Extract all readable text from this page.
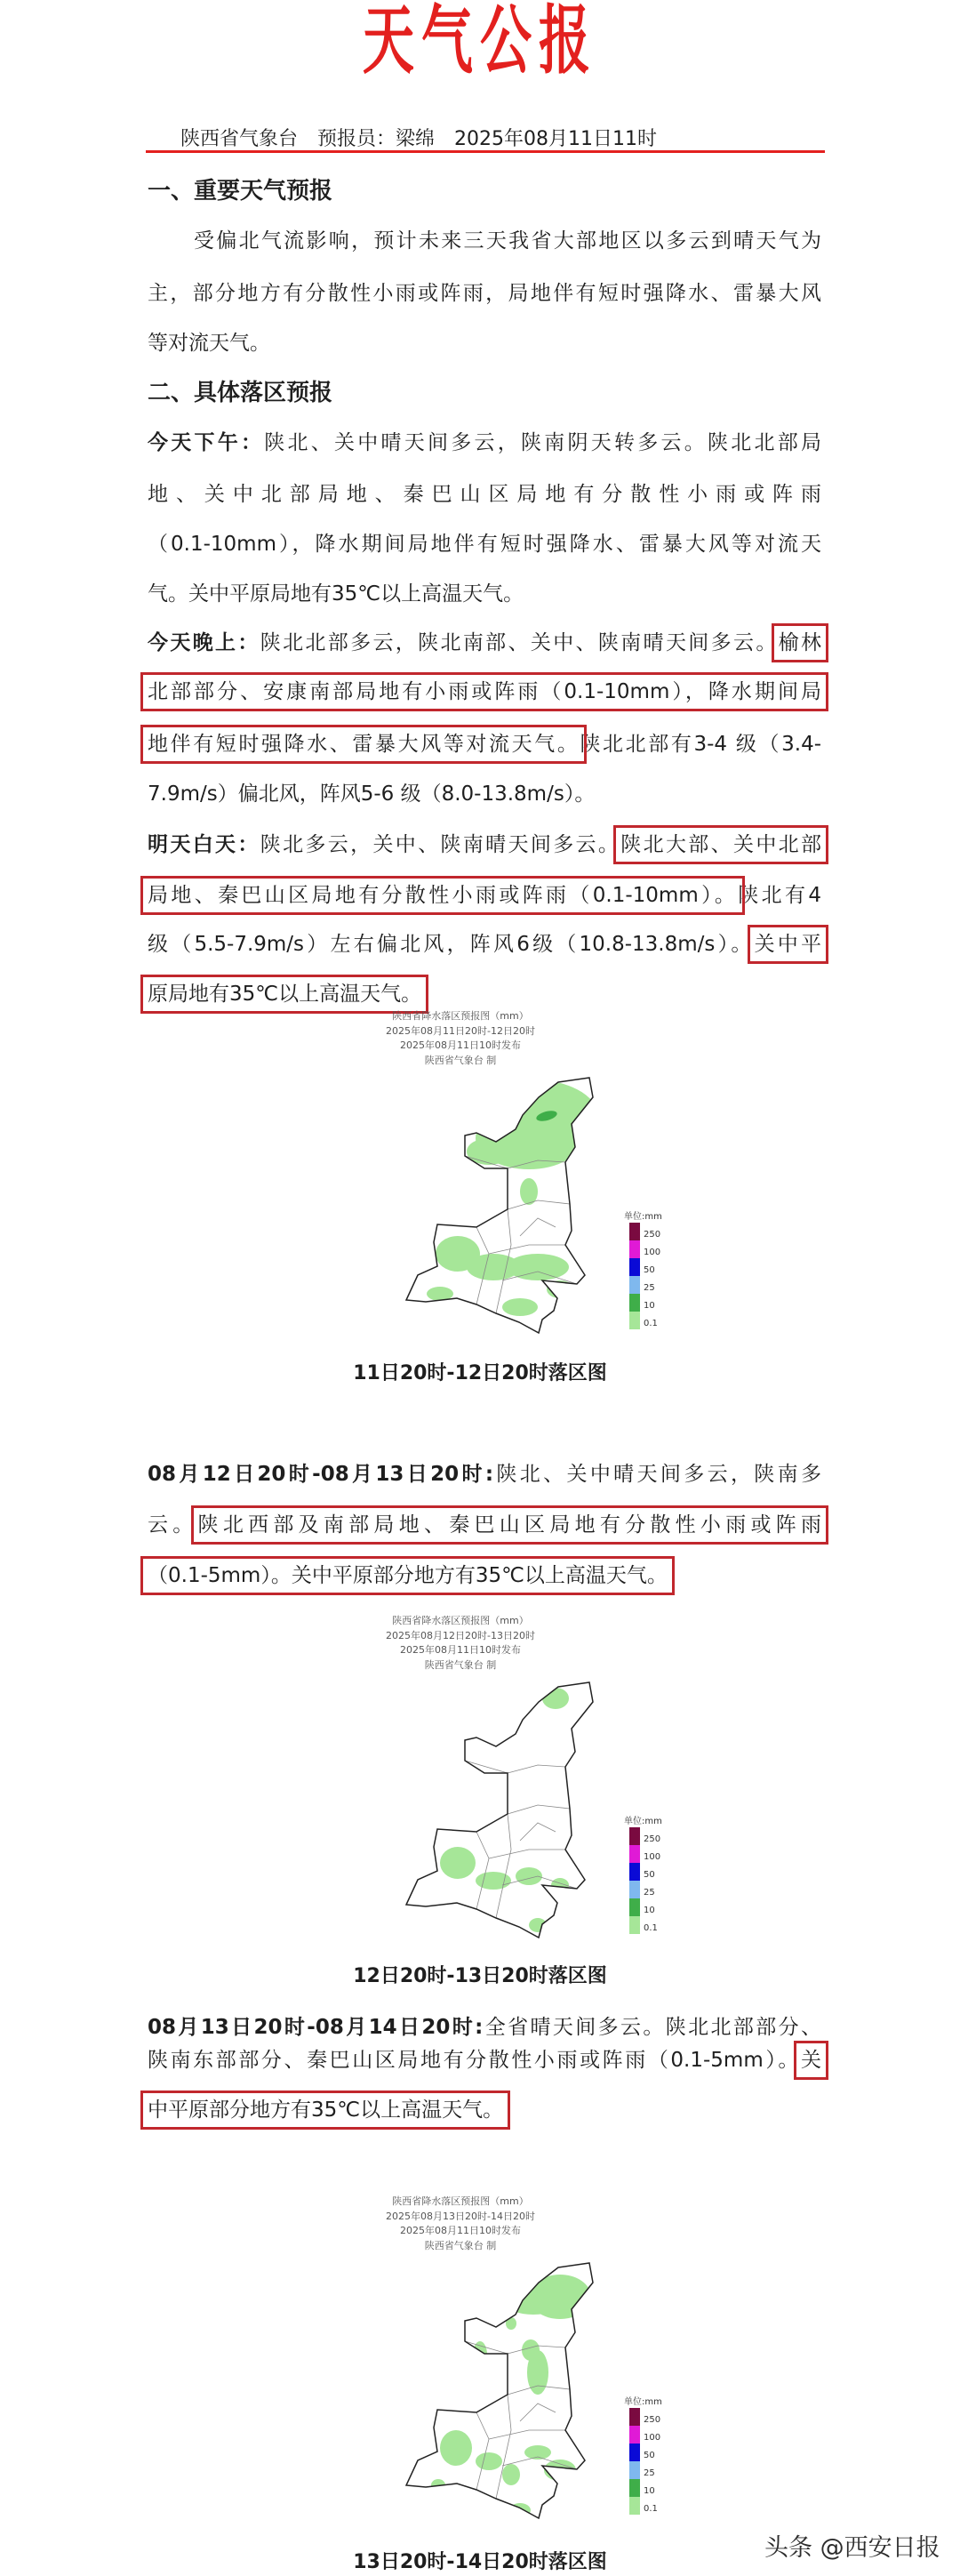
天气公报
陕西省气象台　预报员：梁绵　2025年08月11日11时
一、重要天气预报
受偏北气流影响，预计未来三天我省大部地区以多云到晴天气为
主，部分地方有分散性小雨或阵雨，局地伴有短时强降水、雷暴大风
等对流天气。
二、具体落区预报
今天下午：陕北、关中晴天间多云，陕南阴天转多云。陕北北部局
地、关中北部局地、秦巴山区局地有分散性小雨或阵雨
（0.1-10mm），降水期间局地伴有短时强降水、雷暴大风等对流天
气。关中平原局地有35℃以上高温天气。
今天晚上：陕北北部多云，陕北南部、关中、陕南晴天间多云。榆林
北部部分、安康南部局地有小雨或阵雨（0.1-10mm），降水期间局
地伴有短时强降水、雷暴大风等对流天气。陕北北部有3-4 级（3.4-
7.9m/s）偏北风，阵风5-6 级（8.0-13.8m/s）。
明天白天：陕北多云，关中、陕南晴天间多云。陕北大部、关中北部
局地、秦巴山区局地有分散性小雨或阵雨（0.1-10mm）。陕北有4
级（5.5-7.9m/s）左右偏北风，阵风6级（10.8-13.8m/s）。关中平
原局地有35℃以上高温天气。
08月12日20时-08月13日20时:陕北、关中晴天间多云，陕南多
云。陕北西部及南部局地、秦巴山区局地有分散性小雨或阵雨
（0.1-5mm）。关中平原部分地方有35℃以上高温天气。
08月13日20时-08月14日20时:全省晴天间多云。陕北北部部分、
陕南东部部分、秦巴山区局地有分散性小雨或阵雨（0.1-5mm）。关
中平原部分地方有35℃以上高温天气。
陕西省降水落区预报图（mm）
2025年08月11日20时-12日20时
2025年08月11日10时发布
陕西省气象台 制
单位:mm
0.1
10
25
50
100
250
11日20时-12日20时落区图
陕西省降水落区预报图（mm）
2025年08月12日20时-13日20时
2025年08月11日10时发布
陕西省气象台 制
单位:mm
0.1
10
25
50
100
250
12日20时-13日20时落区图
陕西省降水落区预报图（mm）
2025年08月13日20时-14日20时
2025年08月11日10时发布
陕西省气象台 制
单位:mm
0.1
10
25
50
100
250
13日20时-14日20时落区图
头条 @西安日报
